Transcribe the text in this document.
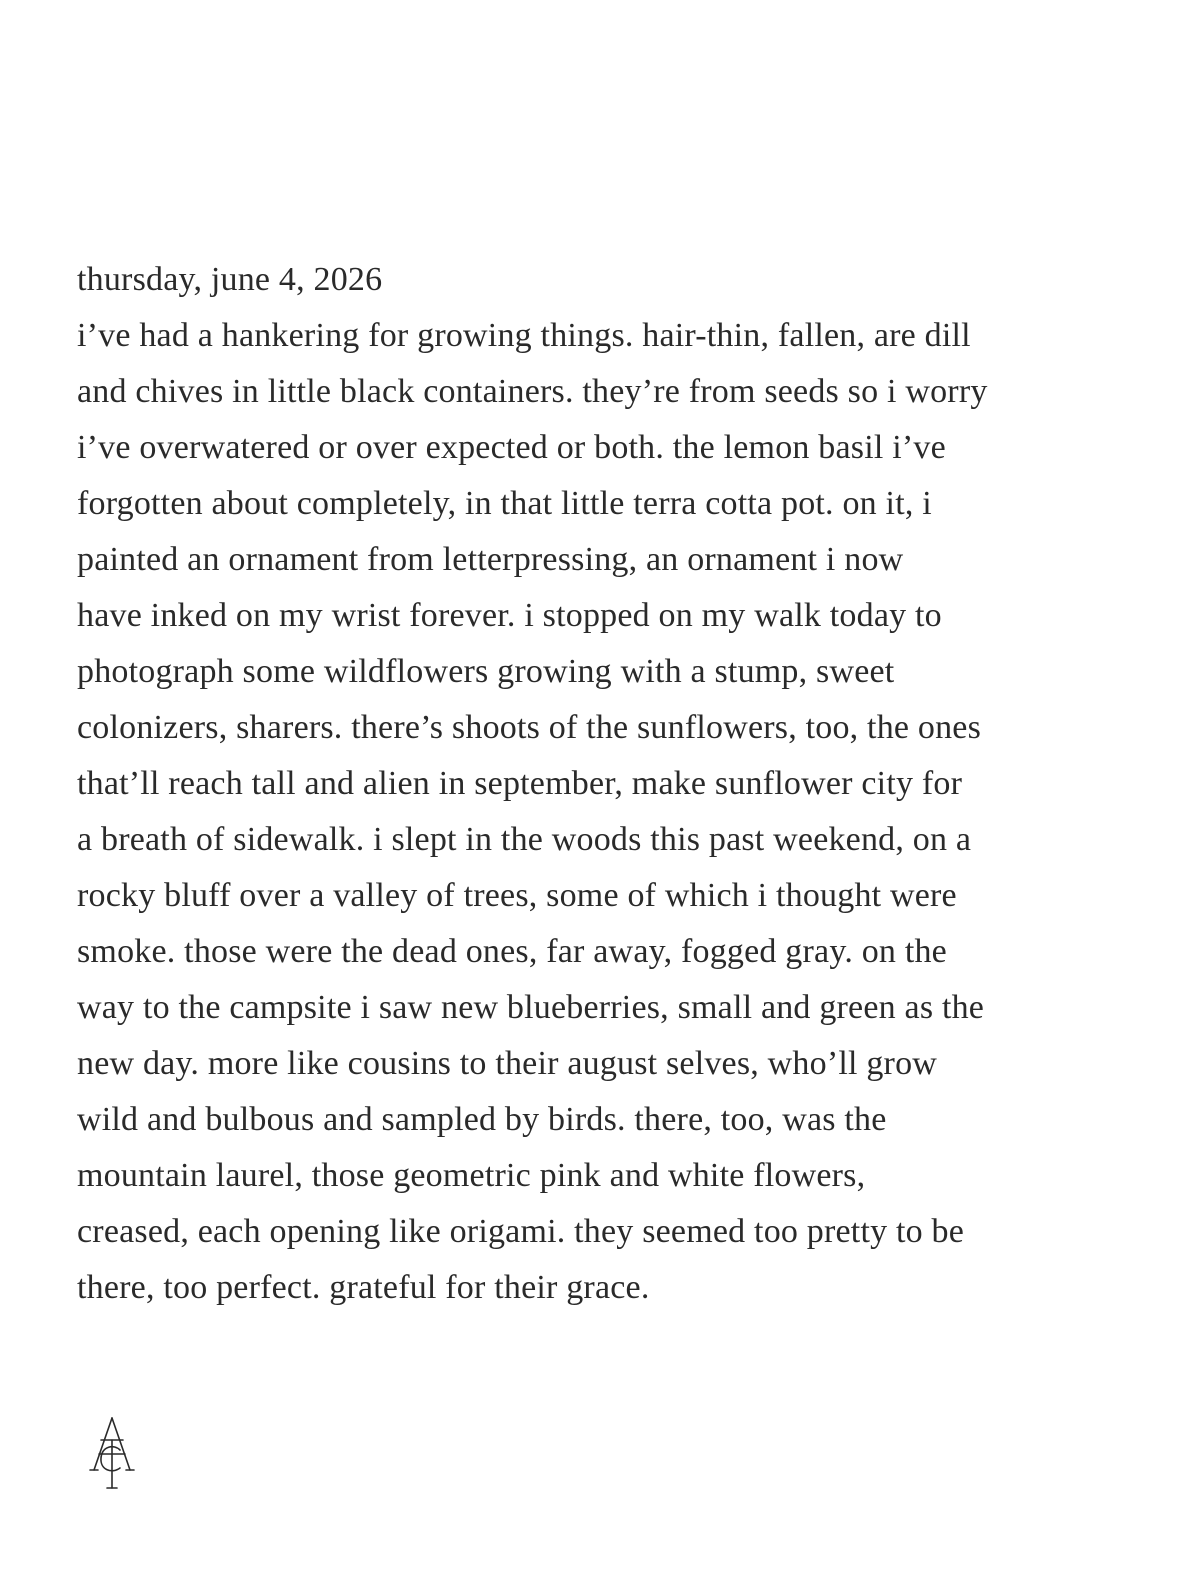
thursday, june 4, 2026

i’ve had a hankering for growing things. hair-thin, fallen, are dill
and chives in little black containers. they’re from seeds so i worry
i’ve overwatered or over expected or both. the lemon basil i’ve
forgotten about completely, in that little terra cotta pot. on it, i
painted an ornament from letterpressing, an ornament i now
have inked on my wrist forever. i stopped on my walk today to
photograph some wildflowers growing with a stump, sweet
colonizers, sharers. there’s shoots of the sunflowers, too, the ones
that’ll reach tall and alien in september, make sunflower city for
a breath of sidewalk. i slept in the woods this past weekend, on a
rocky bluff over a valley of trees, some of which i thought were
smoke. those were the dead ones, far away, fogged gray. on the
way to the campsite i saw new blueberries, small and green as the
new day. more like cousins to their august selves, who’ll grow
wild and bulbous and sampled by birds. there, too, was the
mountain laurel, those geometric pink and white flowers,
creased, each opening like origami. they seemed too pretty to be
there, too perfect. grateful for their grace.
